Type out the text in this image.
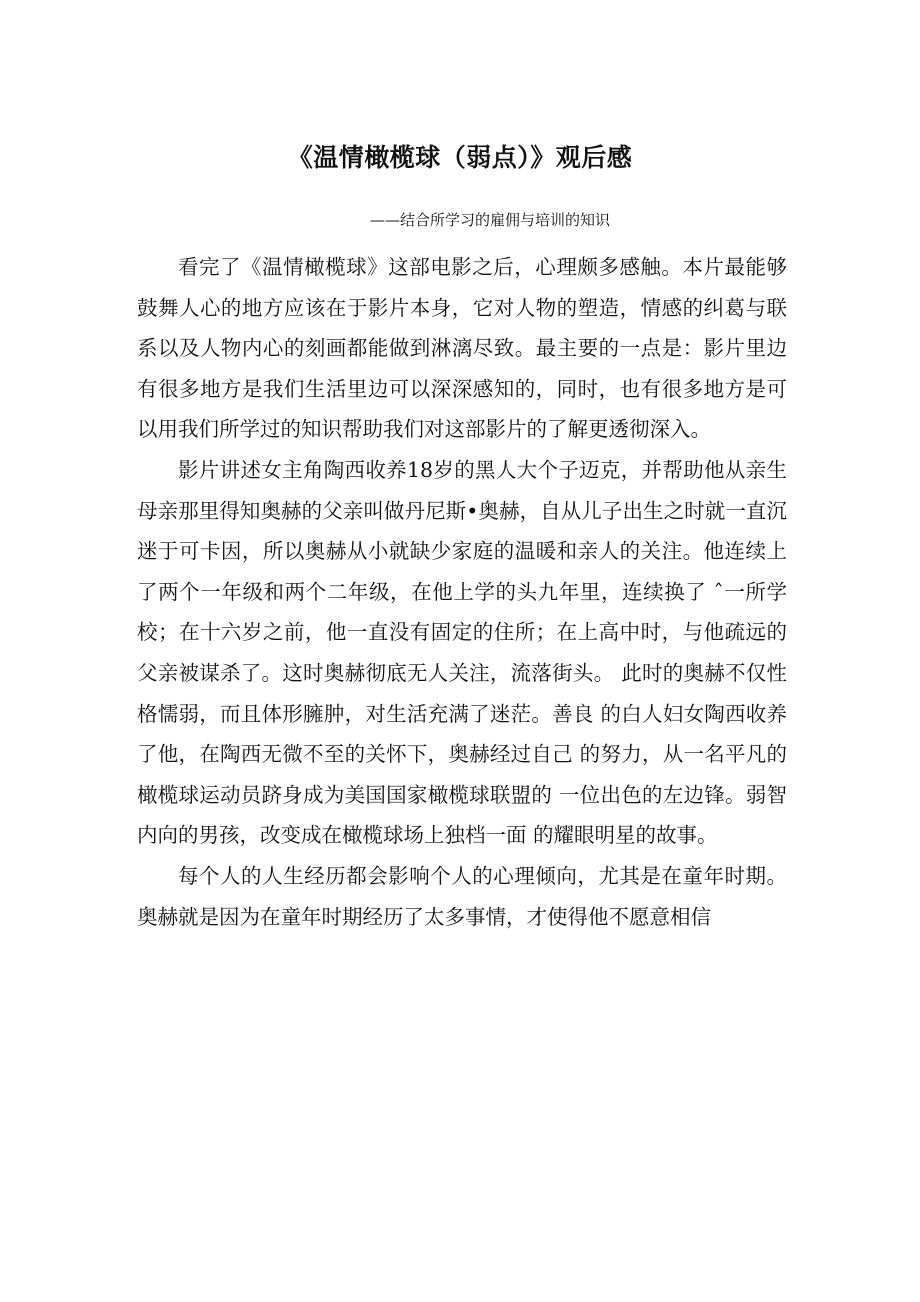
《温情橄榄球（弱点）》观后感
——结合所学习的雇佣与培训的知识

看完了《温情橄榄球》这部电影之后，心理颇多感触。本片最能够鼓舞人心的地方应该在于影片本身，它对人物的塑造，情感的纠葛与联系以及人物内心的刻画都能做到淋漓尽致。最主要的一点是：影片里边有很多地方是我们生活里边可以深深感知的，同时，也有很多地方是可以用我们所学过的知识帮助我们对这部影片的了解更透彻深入。

影片讲述女主角陶西收养18岁的黑人大个子迈克，并帮助他从亲生母亲那里得知奥赫的父亲叫做丹尼斯•奥赫，自从儿子出生之时就一直沉迷于可卡因，所以奥赫从小就缺少家庭的温暖和亲人的关注。他连续上了两个一年级和两个二年级，在他上学的头九年里，连续换了 ˆ一所学校；在十六岁之前，他一直没有固定的住所；在上高中时，与他疏远的父亲被谋杀了。这时奥赫彻底无人关注，流落街头。 此时的奥赫不仅性格懦弱，而且体形臃肿，对生活充满了迷茫。善良 的白人妇女陶西收养了他，在陶西无微不至的关怀下，奥赫经过自己 的努力，从一名平凡的橄榄球运动员跻身成为美国国家橄榄球联盟的 一位出色的左边锋。弱智内向的男孩，改变成在橄榄球场上独档一面 的耀眼明星的故事。

每个人的人生经历都会影响个人的心理倾向，尤其是在童年时期。奥赫就是因为在童年时期经历了太多事情，才使得他不愿意相信
